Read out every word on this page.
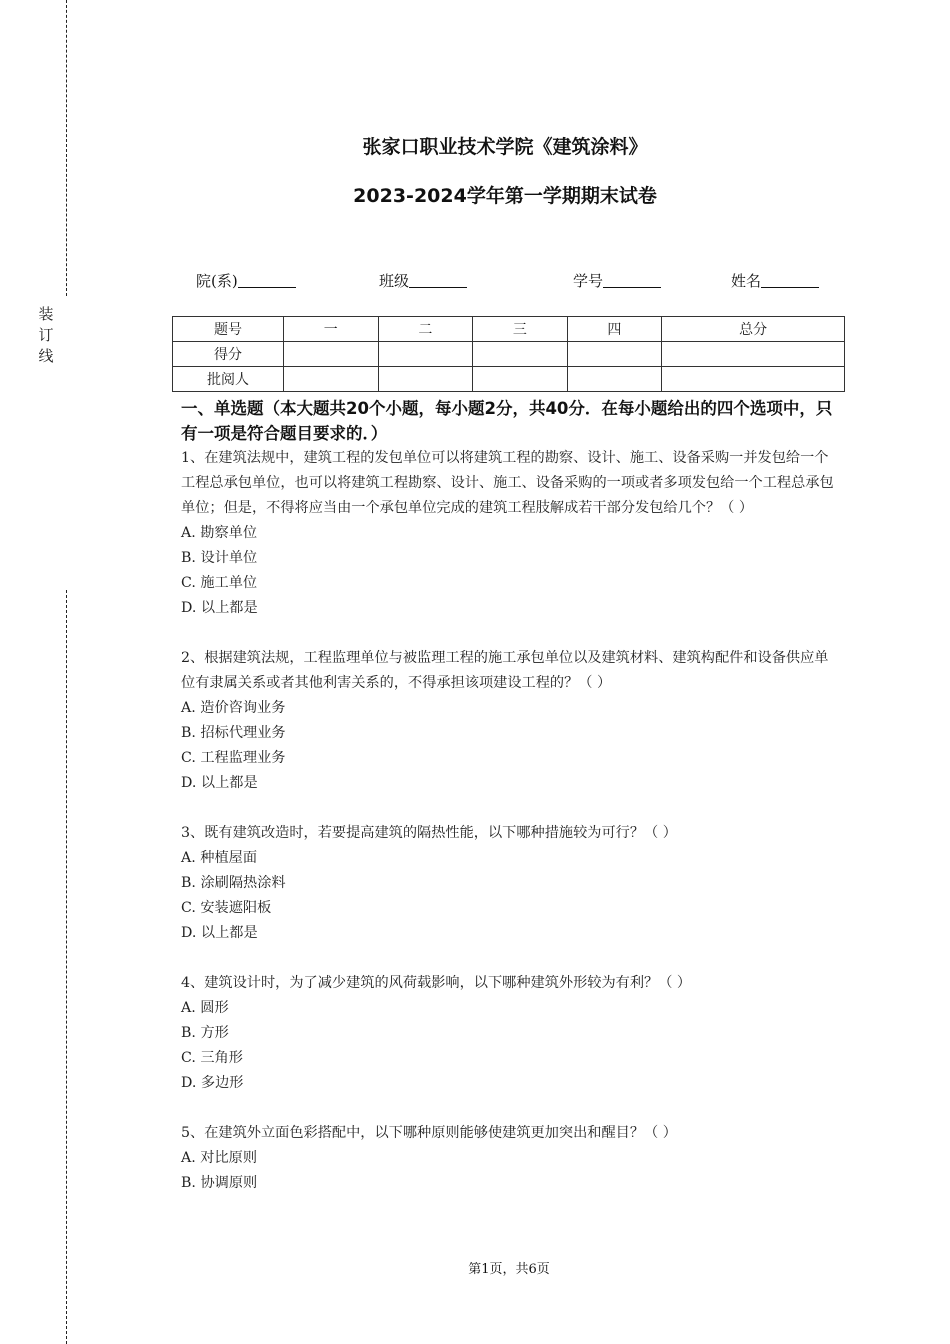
装
订
线
张家口职业技术学院《建筑涂料》
2023-2024学年第一学期期末试卷
院(系)	班级	学号	姓名
题号	一	二	三	四	总分
得分					
批阅人					
一、单选题（本大题共20个小题，每小题2分，共40分．在每小题给出的四个选项中，只有一项是符合题目要求的．）

1、在建筑法规中，建筑工程的发包单位可以将建筑工程的勘察、设计、施工、设备采购一并发包给一个工程总承包单位，也可以将建筑工程勘察、设计、施工、设备采购的一项或者多项发包给一个工程总承包单位；但是，不得将应当由一个承包单位完成的建筑工程肢解成若干部分发包给几个？（ ）

A. 勘察单位

B. 设计单位

C. 施工单位

D. 以上都是

2、根据建筑法规，工程监理单位与被监理工程的施工承包单位以及建筑材料、建筑构配件和设备供应单位有隶属关系或者其他利害关系的，不得承担该项建设工程的？（ ）

A. 造价咨询业务

B. 招标代理业务

C. 工程监理业务

D. 以上都是

3、既有建筑改造时，若要提高建筑的隔热性能，以下哪种措施较为可行？（ ）

A. 种植屋面

B. 涂刷隔热涂料

C. 安装遮阳板

D. 以上都是

4、建筑设计时，为了减少建筑的风荷载影响，以下哪种建筑外形较为有利？（ ）

A. 圆形

B. 方形

C. 三角形

D. 多边形

5、在建筑外立面色彩搭配中，以下哪种原则能够使建筑更加突出和醒目？（ ）

A. 对比原则

B. 协调原则

第1页，共6页
